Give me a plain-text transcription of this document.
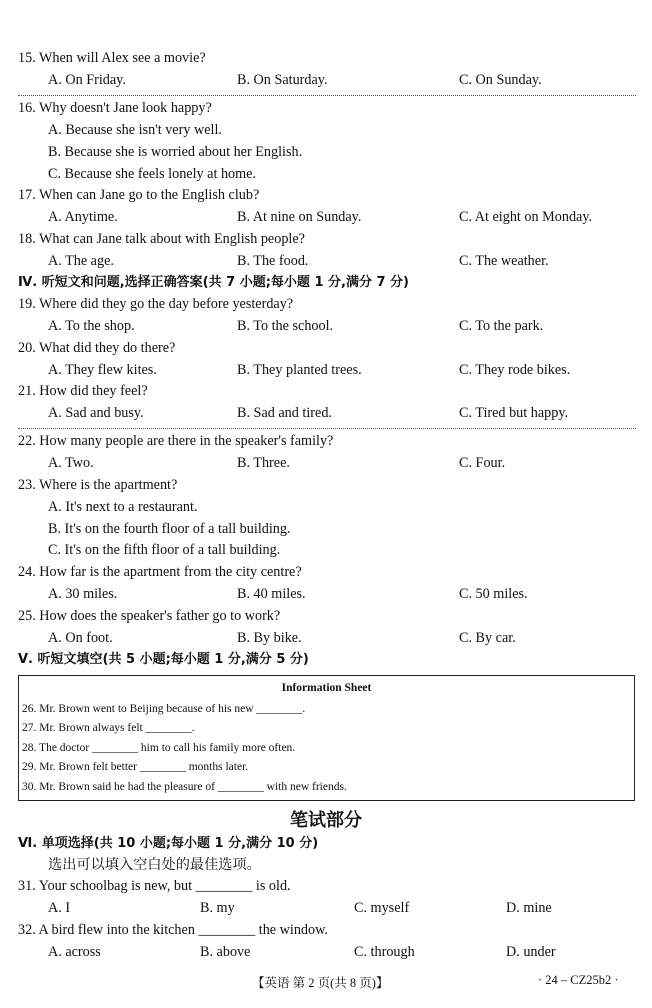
15. When will Alex see a movie?
A. On Friday.	B. On Saturday.	C. On Sunday.
16. Why doesn't Jane look happy?
A. Because she isn't very well.
B. Because she is worried about her English.
C. Because she feels lonely at home.
17. When can Jane go to the English club?
A. Anytime.	B. At nine on Sunday.	C. At eight on Monday.
18. What can Jane talk about with English people?
A. The age.	B. The food.	C. The weather.
Ⅳ. 听短文和问题,选择正确答案(共 7 小题;每小题 1 分,满分 7 分)
19. Where did they go the day before yesterday?
A. To the shop.	B. To the school.	C. To the park.
20. What did they do there?
A. They flew kites.	B. They planted trees.	C. They rode bikes.
21. How did they feel?
A. Sad and busy.	B. Sad and tired.	C. Tired but happy.
22. How many people are there in the speaker's family?
A. Two.	B. Three.	C. Four.
23. Where is the apartment?
A. It's next to a restaurant.
B. It's on the fourth floor of a tall building.
C. It's on the fifth floor of a tall building.
24. How far is the apartment from the city centre?
A. 30 miles.	B. 40 miles.	C. 50 miles.
25. How does the speaker's father go to work?
A. On foot.	B. By bike.	C. By car.
Ⅴ. 听短文填空(共 5 小题;每小题 1 分,满分 5 分)
Information Sheet
26. Mr. Brown went to Beijing because of his new ________.
27. Mr. Brown always felt ________.
28. The doctor ________ him to call his family more often.
29. Mr. Brown felt better ________ months later.
30. Mr. Brown said he had the pleasure of ________ with new friends.
笔试部分
Ⅵ. 单项选择(共 10 小题;每小题 1 分,满分 10 分)
选出可以填入空白处的最佳选项。
31. Your schoolbag is new, but ________ is old.
A. I	B. my	C. myself	D. mine
32. A bird flew into the kitchen ________ the window.
A. across	B. above	C. through	D. under
【英语 第 2 页(共 8 页)】	· 24 – CZ25b2 ·
